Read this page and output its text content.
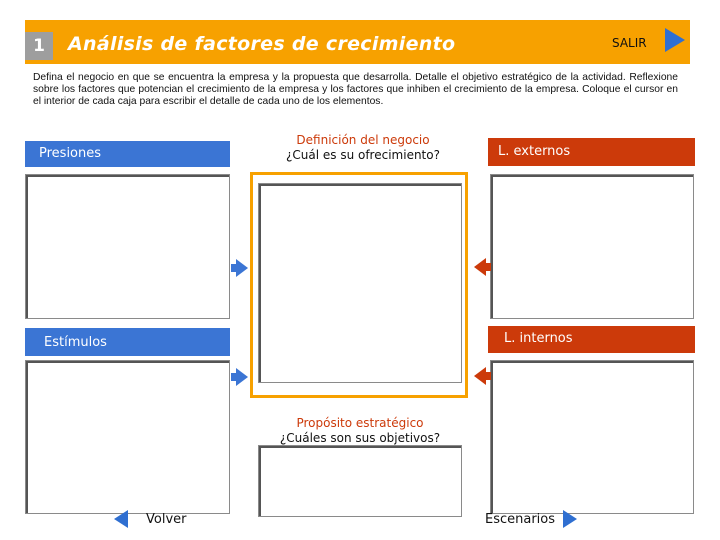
1	Análisis de factores de crecimiento	SALIR
Defina el negocio en que se encuentra la empresa y la propuesta que desarrolla. Detalle el objetivo estratégico de la actividad. Reflexione sobre los factores que potencian el crecimiento de la empresa y los factores que inhiben el crecimiento de la empresa. Coloque el cursor en el interior de cada caja para escribir el detalle de cada uno de los elementos.
Presiones
Estímulos
Definición del negocio
¿Cuál es su ofrecimiento?
Propósito estratégico
¿Cuáles son sus objetivos?
L. externos
L. internos
Volver	Escenarios
